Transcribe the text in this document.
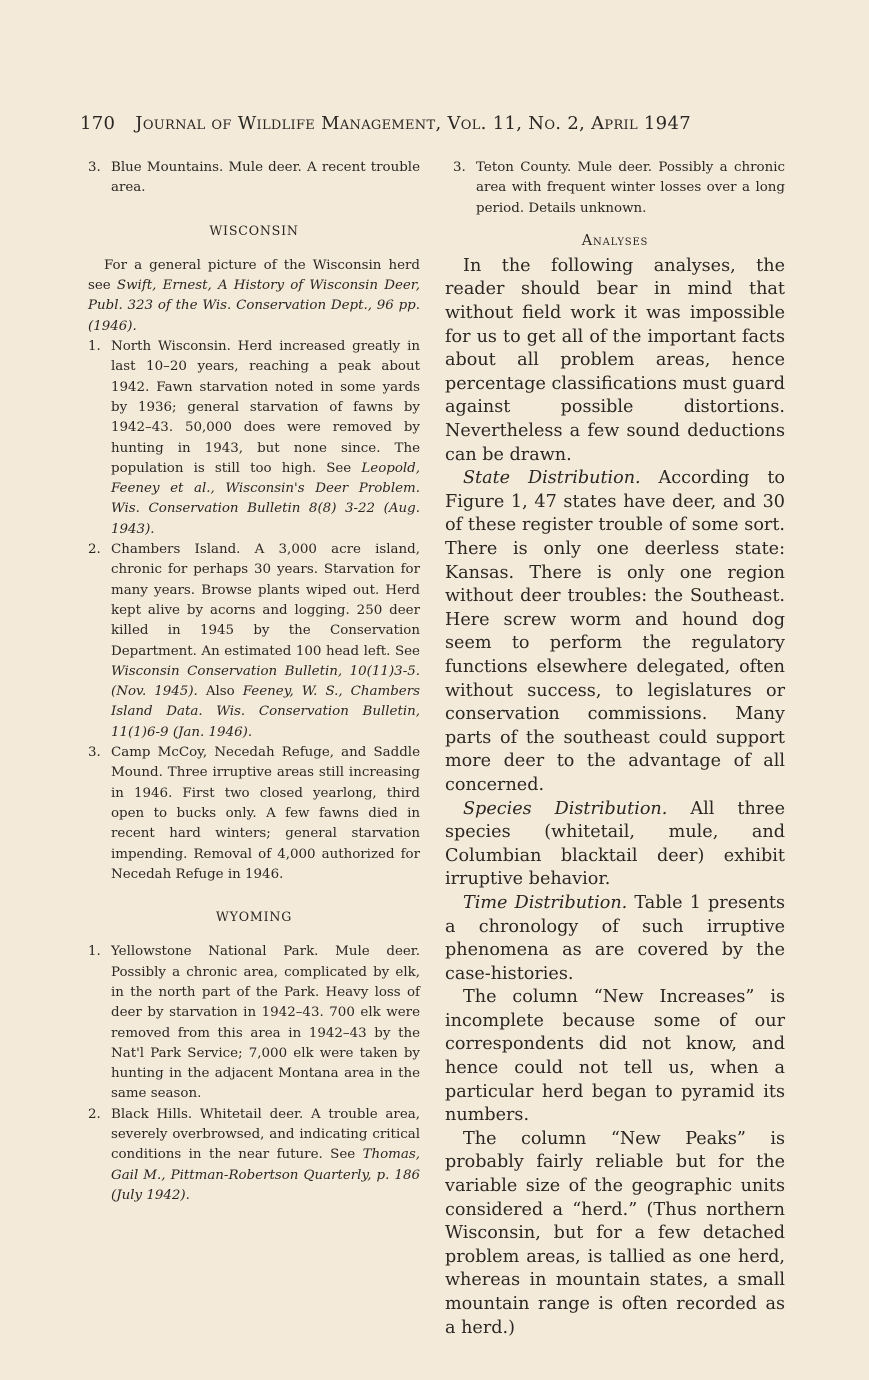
170 Journal of Wildlife Management, Vol. 11, No. 2, April 1947
3. Blue Mountains. Mule deer. A recent trouble area.
WISCONSIN

For a general picture of the Wisconsin herd see Swift, Ernest, A History of Wisconsin Deer, Publ. 323 of the Wis. Conservation Dept., 96 pp. (1946).

1. North Wisconsin. Herd increased greatly in last 10–20 years, reaching a peak about 1942. Fawn starvation noted in some yards by 1936; general starvation of fawns by 1942–43. 50,000 does were removed by hunting in 1943, but none since. The population is still too high. See Leopold, Feeney et al., Wisconsin's Deer Problem. Wis. Conservation Bulletin 8(8) 3-22 (Aug. 1943).
2. Chambers Island. A 3,000 acre island, chronic for perhaps 30 years. Starvation for many years. Browse plants wiped out. Herd kept alive by acorns and logging. 250 deer killed in 1945 by the Conservation Department. An estimated 100 head left. See Wisconsin Conservation Bulletin, 10(11)3-5. (Nov. 1945). Also Feeney, W. S., Chambers Island Data. Wis. Conservation Bulletin, 11(1)6-9 (Jan. 1946).
3. Camp McCoy, Necedah Refuge, and Saddle Mound. Three irruptive areas still increasing in 1946. First two closed yearlong, third open to bucks only. A few fawns died in recent hard winters; general starvation impending. Removal of 4,000 authorized for Necedah Refuge in 1946.
WYOMING
1. Yellowstone National Park. Mule deer. Possibly a chronic area, complicated by elk, in the north part of the Park. Heavy loss of deer by starvation in 1942–43. 700 elk were removed from this area in 1942–43 by the Nat'l Park Service; 7,000 elk were taken by hunting in the adjacent Montana area in the same season.
2. Black Hills. Whitetail deer. A trouble area, severely overbrowsed, and indicating critical conditions in the near future. See Thomas, Gail M., Pittman-Robertson Quarterly, p. 186 (July 1942).
3. Teton County. Mule deer. Possibly a chronic area with frequent winter losses over a long period. Details unknown.
Analyses

In the following analyses, the reader should bear in mind that without field work it was impossible for us to get all of the important facts about all problem areas, hence percentage classifications must guard against possible distortions. Nevertheless a few sound deductions can be drawn.

State Distribution. According to Figure 1, 47 states have deer, and 30 of these register trouble of some sort. There is only one deerless state: Kansas. There is only one region without deer troubles: the Southeast. Here screw worm and hound dog seem to perform the regulatory functions elsewhere delegated, often without success, to legislatures or conservation commissions. Many parts of the southeast could support more deer to the advantage of all concerned.

Species Distribution. All three species (whitetail, mule, and Columbian blacktail deer) exhibit irruptive behavior.

Time Distribution. Table 1 presents a chronology of such irruptive phenomena as are covered by the case-histories.

The column “New Increases” is incomplete because some of our correspondents did not know, and hence could not tell us, when a particular herd began to pyramid its numbers.

The column “New Peaks” is probably fairly reliable but for the variable size of the geographic units considered a “herd.” (Thus northern Wisconsin, but for a few detached problem areas, is tallied as one herd, whereas in mountain states, a small mountain range is often recorded as a herd.)
